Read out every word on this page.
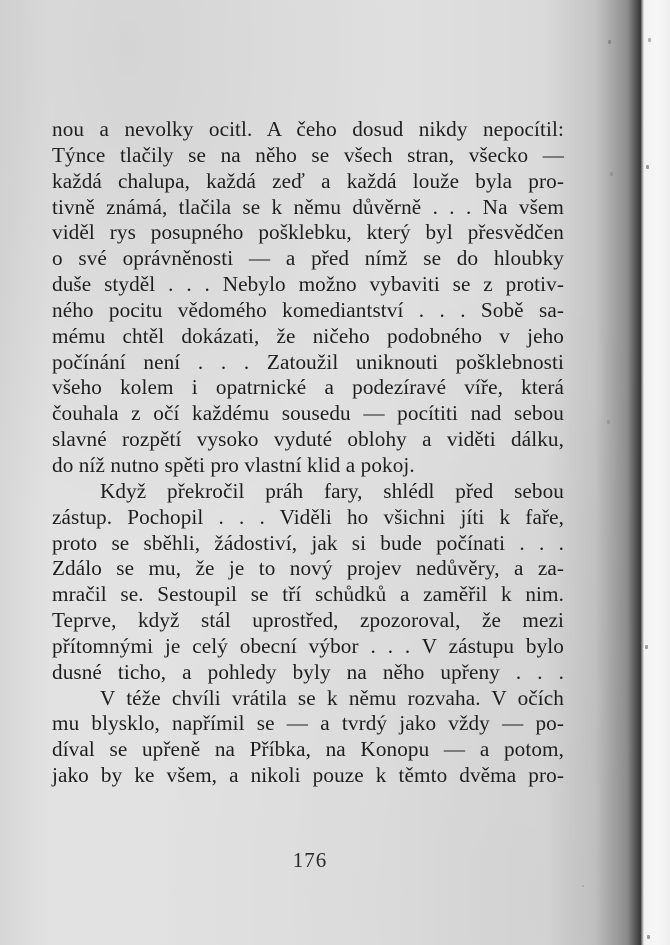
nou a nevolky ocitl. A čeho dosud nikdy nepocítil:
Týnce tlačily se na něho se všech stran, všecko —
každá chalupa, každá zeď a každá louže byla pro-
tivně známá, tlačila se k němu důvěrně . . . Na všem
viděl rys posupného pošklebku, který byl přesvědčen
o své oprávněnosti — a před nímž se do hloubky
duše styděl . . . Nebylo možno vybaviti se z protiv-
ného pocitu vědomého komediantství . . . Sobě sa-
mému chtěl dokázati, že ničeho podobného v jeho
počínání není . . . Zatoužil uniknouti pošklebnosti
všeho kolem i opatrnické a podezíravé víře, která
čouhala z očí každému sousedu — pocítiti nad sebou
slavné rozpětí vysoko vyduté oblohy a viděti dálku,
do níž nutno spěti pro vlastní klid a pokoj.
Když překročil práh fary, shlédl před sebou
zástup. Pochopil . . . Viděli ho všichni jíti k faře,
proto se sběhli, žádostiví, jak si bude počínati . . .
Zdálo se mu, že je to nový projev nedůvěry, a za-
mračil se. Sestoupil se tří schůdků a zaměřil k nim.
Teprve, když stál uprostřed, zpozoroval, že mezi
přítomnými je celý obecní výbor . . . V zástupu bylo
dusné ticho, a pohledy byly na něho upřeny . . .
V téže chvíli vrátila se k němu rozvaha. V očích
mu blysklo, napřímil se — a tvrdý jako vždy — po-
díval se upřeně na Příbka, na Konopu — a potom,
jako by ke všem, a nikoli pouze k těmto dvěma pro-
176
